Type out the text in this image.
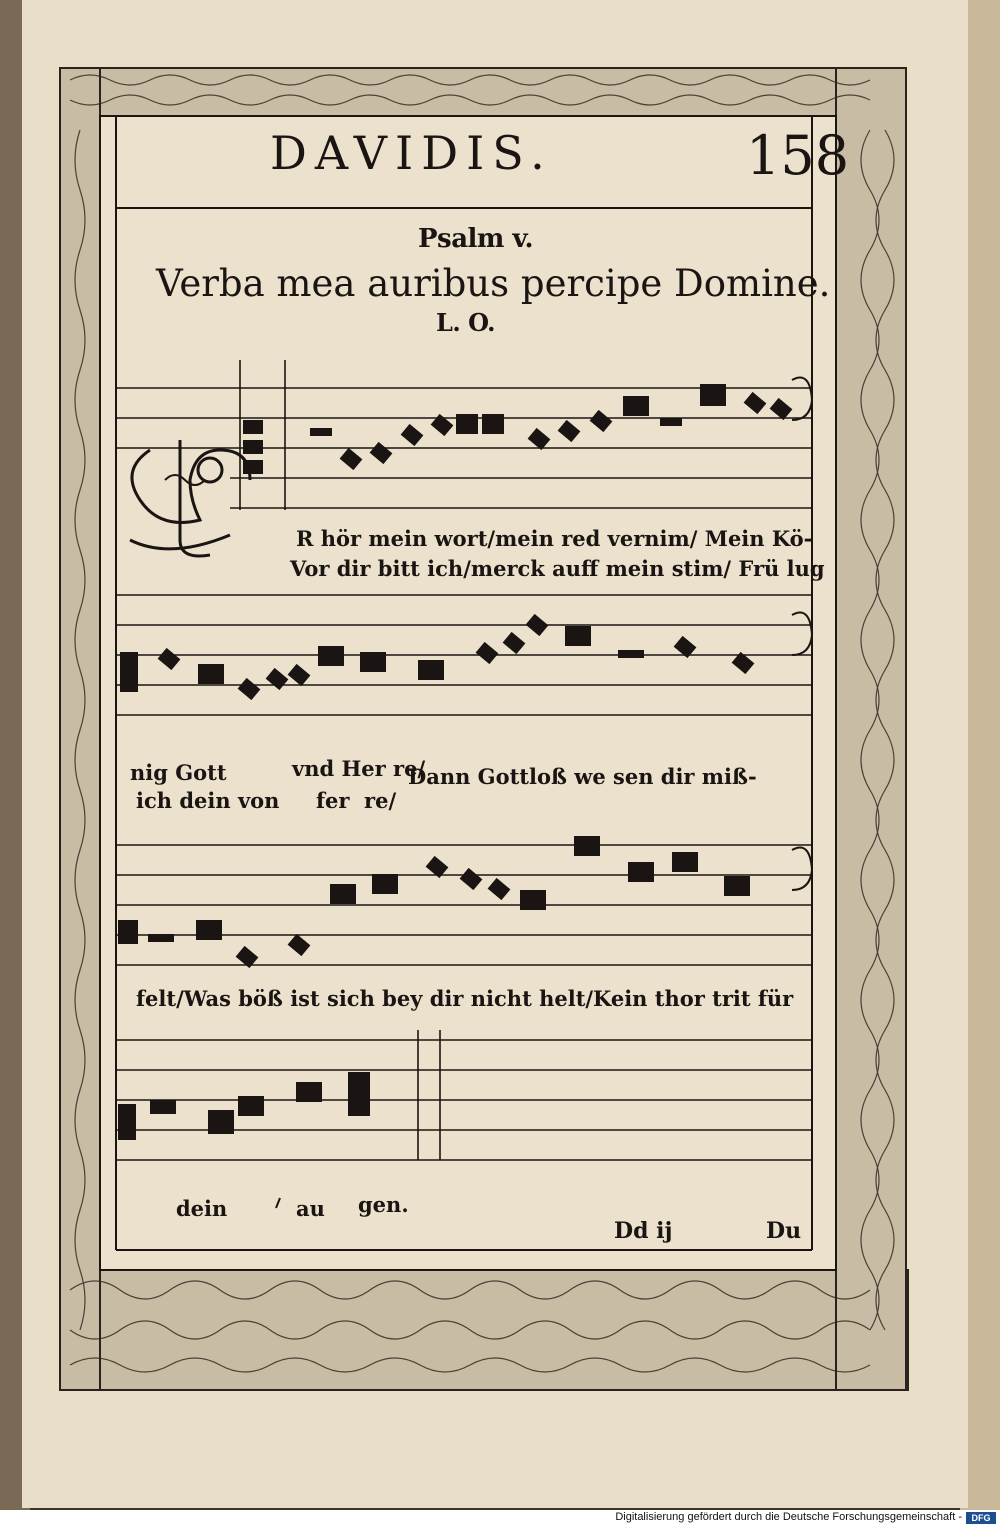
DAVIDIS.	158
Psalm v.
Verba mea auribus percipe Domine.
L. O.
R hör mein wort/mein red vernim/ Mein Kö-
Vor dir bitt ich/merck auff mein stim/ Frü lug
nig Gott	vnd Her re/
ich dein von     fer  re/
Dann Gottloß we sen dir miß-
felt/Was böß ist sich bey dir nicht helt/Kein thor trit für
dein	au gen.
Dd ij	Du
Digitalisierung gefördert durch die Deutsche Forschungsgemeinschaft -	DFG
